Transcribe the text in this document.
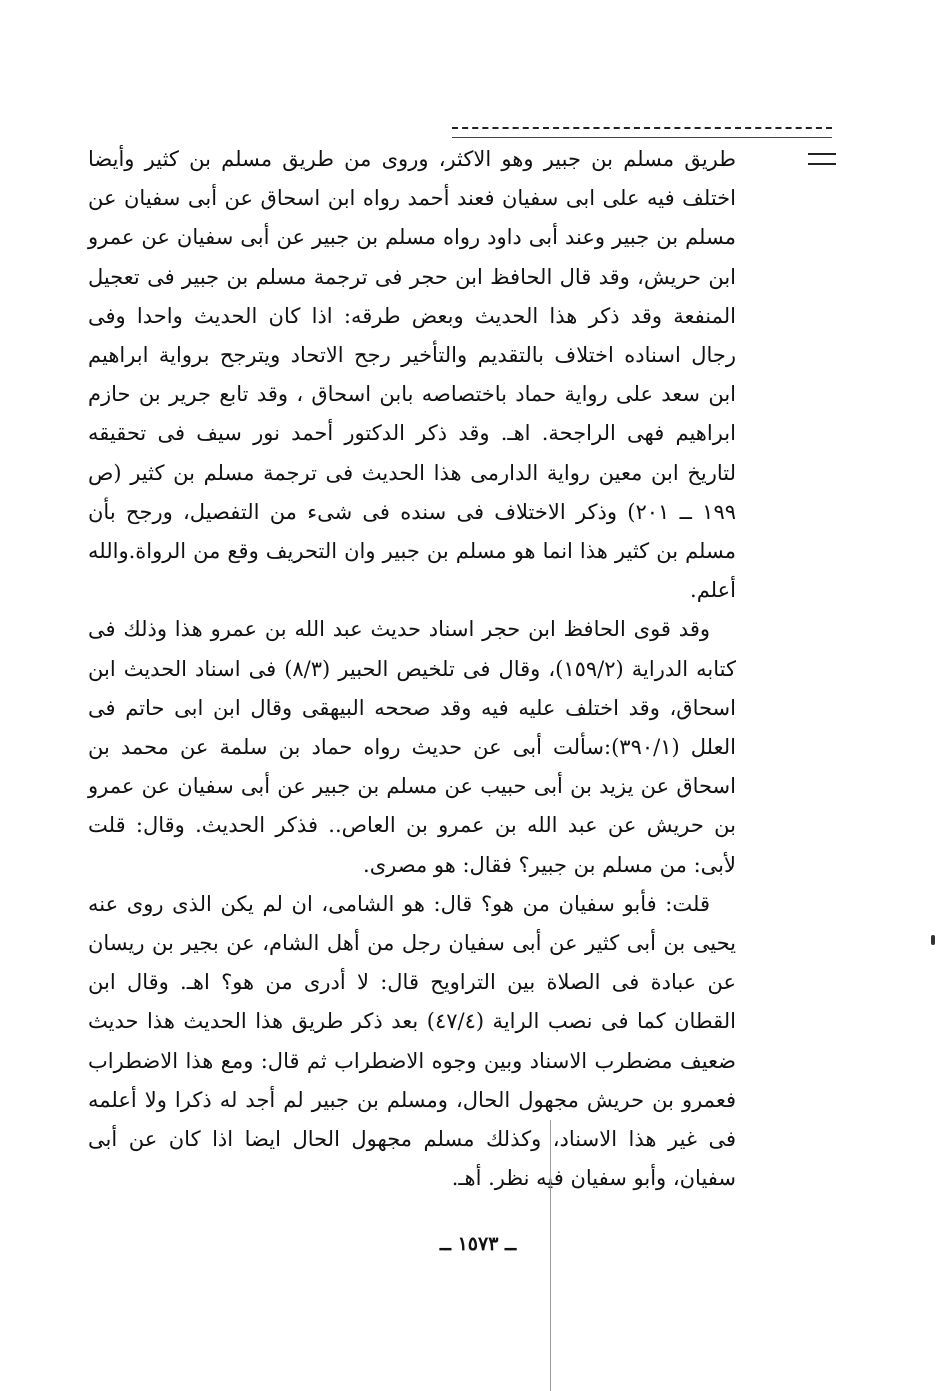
طريق مسلم بن جبير وهو الاكثر، وروى من طريق مسلم بن كثير وأيضا اختلف فيه على ابى سفيان فعند أحمد رواه ابن اسحاق عن أبى سفيان عن مسلم بن جبير وعند أبى داود رواه مسلم بن جبير عن أبى سفيان عن عمرو ابن حريش، وقد قال الحافظ ابن حجر فى ترجمة مسلم بن جبير فى تعجيل المنفعة وقد ذكر هذا الحديث وبعض طرقه: اذا كان الحديث واحدا وفى رجال اسناده اختلاف بالتقديم والتأخير رجح الاتحاد ويترجح برواية ابراهيم ابن سعد على رواية حماد باختصاصه بابن اسحاق ، وقد تابع جرير بن حازم ابراهيم فهى الراجحة. اهـ. وقد ذكر الدكتور أحمد نور سيف فى تحقيقه لتاريخ ابن معين رواية الدارمى هذا الحديث فى ترجمة مسلم بن كثير (ص ١٩٩ ــ ٢٠١) وذكر الاختلاف فى سنده فى شىء من التفصيل، ورجح بأن مسلم بن كثير هذا انما هو مسلم بن جبير وان التحريف وقع من الرواة.والله أعلم.

وقد قوى الحافظ ابن حجر اسناد حديث عبد الله بن عمرو هذا وذلك فى كتابه الدراية (١٥٩/٢)، وقال فى تلخيص الحبير (٨/٣) فى اسناد الحديث ابن اسحاق، وقد اختلف عليه فيه وقد صححه البيهقى وقال ابن ابى حاتم فى العلل (٣٩٠/١):سألت أبى عن حديث رواه حماد بن سلمة عن محمد بن اسحاق عن يزيد بن أبى حبيب عن مسلم بن جبير عن أبى سفيان عن عمرو بن حريش عن عبد الله بن عمرو بن العاص.. فذكر الحديث. وقال: قلت لأبى: من مسلم بن جبير؟ فقال: هو مصرى.

قلت: فأبو سفيان من هو؟ قال: هو الشامى، ان لم يكن الذى روى عنه يحيى بن أبى كثير عن أبى سفيان رجل من أهل الشام، عن بجير بن ريسان عن عبادة فى الصلاة بين التراويح قال: لا أدرى من هو؟ اهـ. وقال ابن القطان كما فى نصب الراية (٤٧/٤) بعد ذكر طريق هذا الحديث هذا حديث ضعيف مضطرب الاسناد وبين وجوه الاضطراب ثم قال: ومع هذا الاضطراب فعمرو بن حريش مجهول الحال، ومسلم بن جبير لم أجد له ذكرا ولا أعلمه فى غير هذا الاسناد، وكذلك مسلم مجهول الحال ايضا اذا كان عن أبى سفيان، وأبو سفيان فيه نظر. أهـ.

ــ ١٥٧٣ ــ
